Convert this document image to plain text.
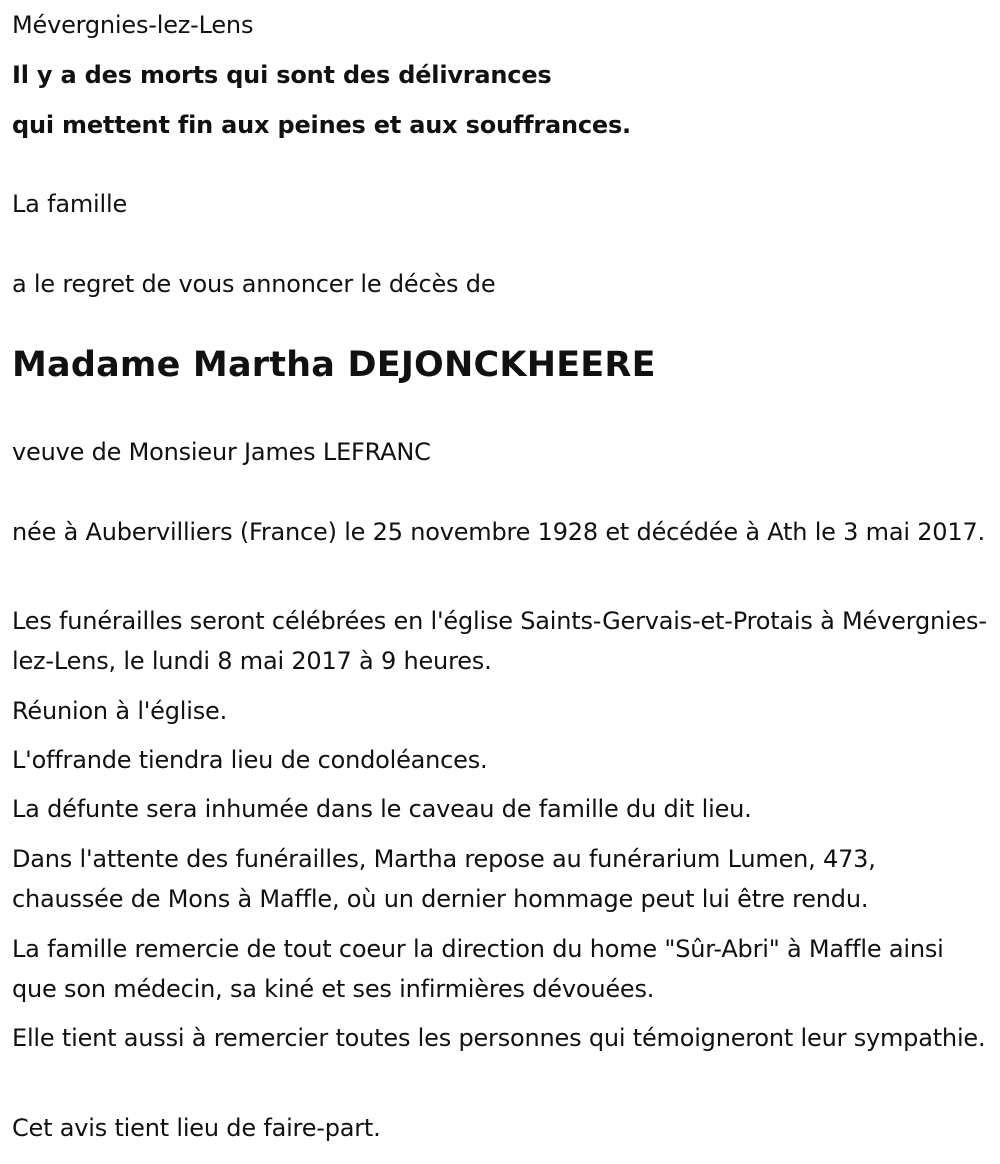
Mévergnies-lez-Lens

Il y a des morts qui sont des délivrances

qui mettent fin aux peines et aux souffrances.

La famille

a le regret de vous annoncer le décès de

Madame Martha DEJONCKHEERE

veuve de Monsieur James LEFRANC

née à Aubervilliers (France) le 25 novembre 1928 et décédée à Ath le 3 mai 2017.

Les funérailles seront célébrées en l'église Saints-Gervais-et-Protais à Mévergnies-lez-Lens, le lundi 8 mai 2017 à 9 heures.

Réunion à l'église.

L'offrande tiendra lieu de condoléances.

La défunte sera inhumée dans le caveau de famille du dit lieu.

Dans l'attente des funérailles, Martha repose au funérarium Lumen, 473, chaussée de Mons à Maffle, où un dernier hommage peut lui être rendu.

La famille remercie de tout coeur la direction du home "Sûr-Abri" à Maffle ainsi que son médecin, sa kiné et ses infirmières dévouées.

Elle tient aussi à remercier toutes les personnes qui témoigneront leur sympathie.

Cet avis tient lieu de faire-part.
